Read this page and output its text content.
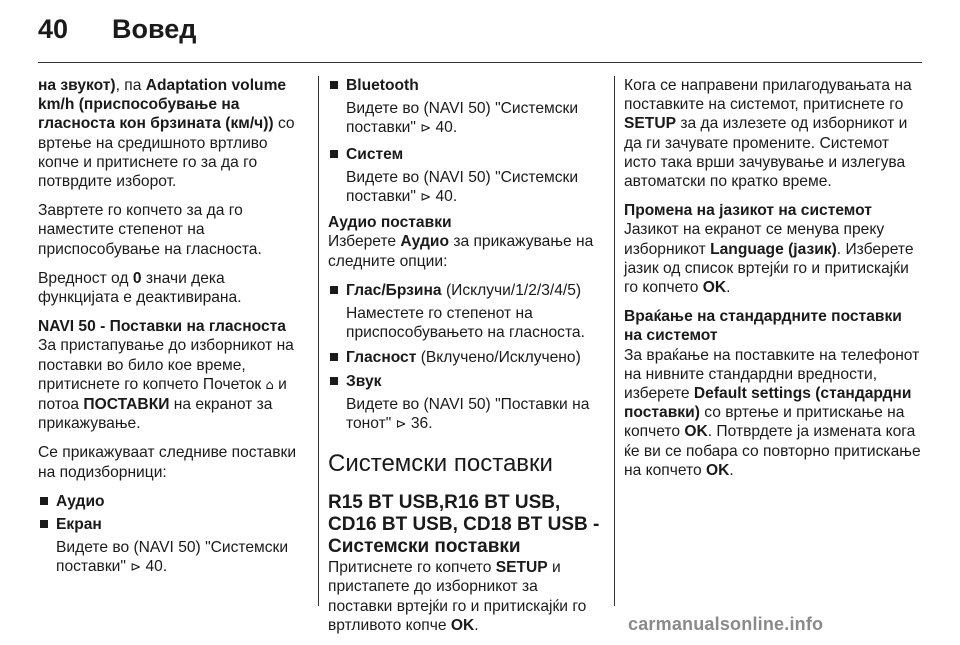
40 Вовед

на звукот), па Adaptation volume km/h (приспособување на гласноста кон брзината (км/ч)) со вртење на средишното вртливо копче и притиснете го за да го потврдите изборот.

Завртете го копчето за да го наместите степенот на приспособување на гласноста.

Вредност од 0 значи дека функцијата е деактивирана.

NAVI 50 - Поставки на гласноста

За пристапување до изборникот на поставки во било кое време, притиснете го копчето Почеток ⌂ и потоа ПОСТАВКИ на екранот за прикажување.

Се прикажуваат следниве поставки на подизборници:

Аудио
Екран
Видете во (NAVI 50) "Системски поставки" ⊳ 40.
Bluetooth
Видете во (NAVI 50) "Системски поставки" ⊳ 40.
Систем
Видете во (NAVI 50) "Системски поставки" ⊳ 40.

Аудио поставки

Изберете Аудио за прикажување на следните опции:

Глас/Брзина (Исклучи/1/2/3/4/5)
Наместете го степенот на приспособувањето на гласноста.
Гласност (Вклучено/Исклучено)
Звук
Видете во (NAVI 50) "Поставки на тонот" ⊳ 36.
Системски поставки
R15 BT USB,R16 BT USB, CD16 BT USB, CD18 BT USB - Системски поставки

Притиснете го копчето SETUP и пристапете до изборникот за поставки вртејќи го и притискајќи го вртливото копче OK.

Кога се направени прилагодувањата на поставките на системот, притиснете го SETUP за да излезете од изборникот и да ги зачувате промените. Системот исто така врши зачувување и излегува автоматски по кратко време.

Промена на јазикот на системот

Јазикот на екранот се менува преку изборникот Language (јазик). Изберете јазик од список вртејќи го и притискајќи го копчето OK.

Враќање на стандардните поставки на системот

За враќање на поставките на телефонот на нивните стандардни вредности, изберете Default settings (стандардни поставки) со вртење и притискање на копчето OK. Потврдете ја измената кога ќе ви се побара со повторно притискање на копчето OK.

carmanualsonline.info
